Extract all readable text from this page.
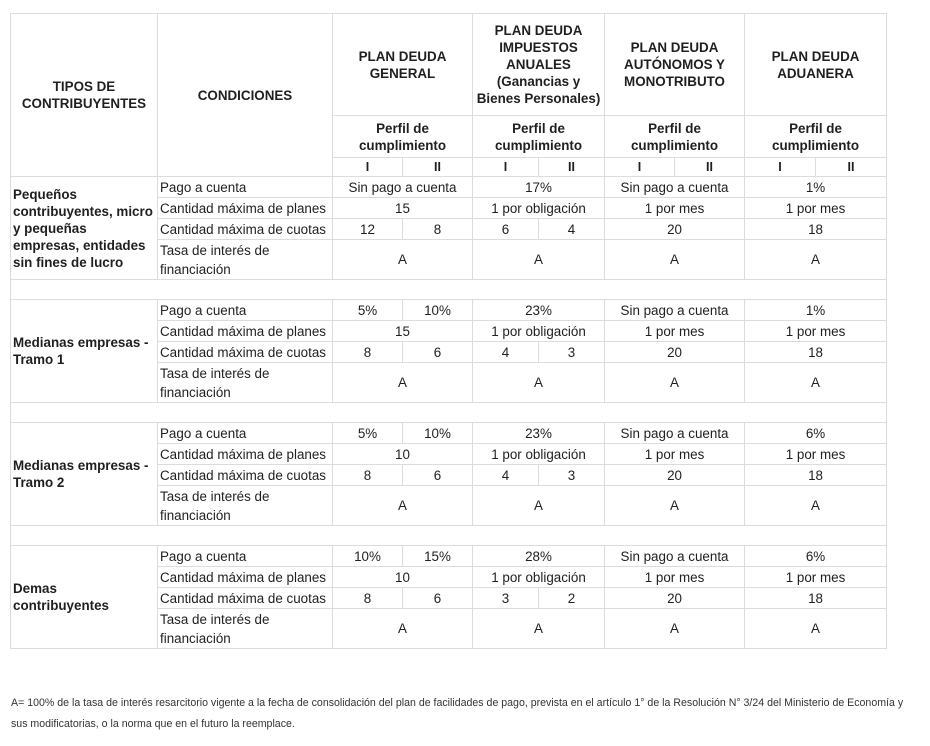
TIPOS DE CONTRIBUYENTES	CONDICIONES	PLAN DEUDA GENERAL		PLAN DEUDA IMPUESTOS ANUALES (Ganancias y Bienes Personales)		PLAN DEUDA AUTÓNOMOS Y MONOTRIBUTO		PLAN DEUDA ADUANERA	
		Perfil de cumplimiento		Perfil de cumplimiento		Perfil de cumplimiento		Perfil de cumplimiento	
		I	II	I	II	I	II	I	II
Pequeños contribuyentes, micro y pequeñas empresas, entidades sin fines de lucro	Pago a cuenta	Sin pago a cuenta		17%		Sin pago a cuenta		1%	
	Cantidad máxima de planes	15		1 por obligación		1 por mes		1 por mes	
	Cantidad máxima de cuotas	12	8	6	4	20		18	
	Tasa de interés de financiación	A		A		A		A	

Medianas empresas - Tramo 1	Pago a cuenta	5%	10%	23%		Sin pago a cuenta		1%	
	Cantidad máxima de planes	15		1 por obligación		1 por mes		1 por mes	
	Cantidad máxima de cuotas	8	6	4	3	20		18	
	Tasa de interés de financiación	A		A		A		A	

Medianas empresas - Tramo 2	Pago a cuenta	5%	10%	23%		Sin pago a cuenta		6%	
	Cantidad máxima de planes	10		1 por obligación		1 por mes		1 por mes	
	Cantidad máxima de cuotas	8	6	4	3	20		18	
	Tasa de interés de financiación	A		A		A		A	

Demas contribuyentes	Pago a cuenta	10%	15%	28%		Sin pago a cuenta		6%	
	Cantidad máxima de planes	10		1 por obligación		1 por mes		1 por mes	
	Cantidad máxima de cuotas	8	6	3	2	20		18	
	Tasa de interés de financiación	A		A		A		A	
A= 100% de la tasa de interés resarcitorio vigente a la fecha de consolidación del plan de facilidades de pago, prevista en el artículo 1° de la Resolución N° 3/24 del Ministerio de Economía y sus modificatorias, o la norma que en el futuro la reemplace.
